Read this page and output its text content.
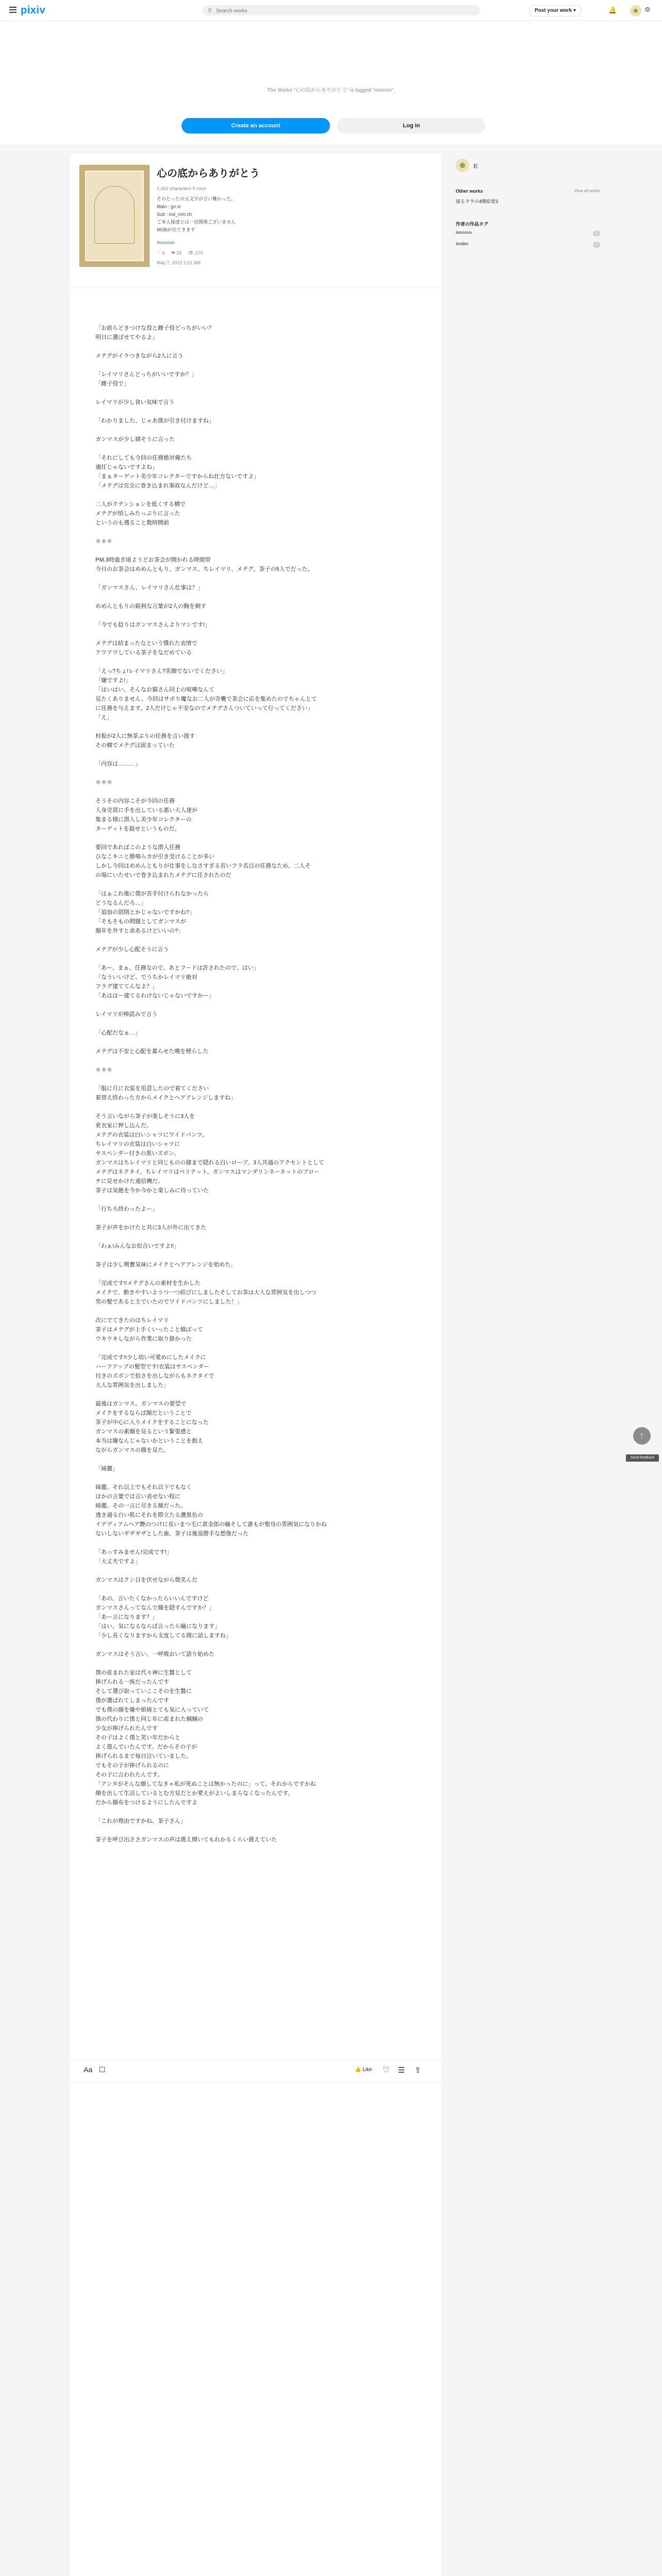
pixiv	⚲
Search works	Post your work ▾	🔔	⚙
The Works "心の底からありがとう" is tagged "mmmm".
Create an account	Log in
心の底からありがとう
2,462 characters 5 mins
そのたったの五文字が言い難かった。
Main : gn.sr
Sub : md_mm.ch
ご本人様達とは一切関係ございません
MOBが出てきます
#mmmm
♡ 6 ❤ 25 👁 279
May 7, 2023 2:01 AM

「お前らどきつけな役と雌子役どっちがいい？

明日に選ばせてやるよ」

メテグがイラつきながら2人に言う

「レイマリさんどっちがいいですか？」

「雌子役で」

レイマリが少し食い気味で言う

「わかりました、じゃあ僕が引き付けますね」

ガンマスが少し嬉そうに言った

「それにしても今回の任務絶対俺たち

適任じゃないですよね」

「まぁターゲット美少年コレクターですからね仕方ないですよ」

「メテグは完全に巻き込まれ事故なんだけど…」

二人がクテンションを低くする横で

メテグが悄しみたっぷりに言った

というのも遡ること数時間前

＊＊＊

PM.3時過ぎ頃ようどお茶会が開かれる時間帯

今日のお茶会はめめんともり、ガンマス、ちレイマリ、メテグ、茶子の5人でだった。

「ガンマスさん、レイマリさん仕事は？」

めめんともりの鋭利な言葉が2人の胸を刺す

「今でも捻りはガンマスさんよりマシです!」

メテグは結まったなという慣れた表情で

アワアワしている茶子をなだめている

「えっ?ちょ!レイマリさん?笑顔でないでください」

「嫌ですよ!」

「はいはい、そんなお猫さん同士の喧嘩なんて

見たくありません。今回はサボり魔なお二人が奇襲で茶会に応を集めたのでちゃんとて

に任務を与えます。2人だけじゃ不安なのでメテグさんついていって行ってください」

「え」

村振が2人に無茶ぶりの任務を言い渡す

その横でメテグは固まっていた

「内容は………」

＊＊＊

そうその内容こそが今回の任務

人身売買に手を出している悪い大人達が

集まる様に潜入し美少年コレクターの

ターゲットを殺せというものだ。

要回であればこのような潜入任務

ひなこキニと勝鳴らカが引き受けることが多い

しかし今回はめめんともりが仕事をしなさすぎる若いフラ名目の任務なため、二人そ

の場にいたせいで巻き込まれたメテグに任されたのだ

「はぁこれ後に僕が苦手付けられなかったら

どうなるんだろ…」

「追加の罰則とかじゃないですかね?」

「そもそもの問題としてガンマスが

顔年を外すと命あるけどいいの?」

メテグが少し心配そうに言う

「あー、まぁ、任務なので、あとフードは許されたので、はい」

「なういいけど、でうちかレイマリ絶対

フラグ建ててんなよ？」

「あははー建てるわけないじゃないですかー」

レイマリが棒読みで言う

「心配だなぁ…」

メテグは不安と心配を募らせた嘆を煙らした

＊＊＊

「服に月に衣装を用意したので着てください

着替え終わった方からメイクとヘアアレンジしますね」

そう言いながら茶子が楽しそうに3人を

更衣室に押し込んだ。

メテグの衣装は白いシャツにワイドパンツ。

ちレイマリの衣装は白いシャツに

サスペンダー付きの黒いズボン。

ガンマスはちレイマリと同じものの膝まで隠れる白いローブ。3人共通のアクセントとして

メテグはネクタイ、ちレイマリはベリテット、ガンマスはマンダリンネーネットのブロー

チに見せかけた通信機だ。

茶子は気絶を今か今かと楽しみに待っていた

「行ちろ終わったよー」

茶子が声をかけたと共に3人が外に出てきた

「わぁ!みんなお似合いですよ!!」

茶子は少し興奮気味にメイクとヘアアレンジを始めた。

「完成です!!メテグさんの素材を生かした

メイクで、動きやすいようつ一つ結びにしましたそしてお茶は大人な雰囲気を出しつつ

男の髪であると主でいたのでワイドパンツにしました！」

次にでてきたのはちレイマリ

茶子はメテグが上手くいったこと嬉ぼって

ウキウキしながら作業に取り掛かった

「完成です!!少し幼い可愛めにしたメイクに

ハーフアップの髪型です!衣装はサスペンダー

付きのズボンで拾さを出しながらもネクタイで

大人な雰囲気を出しました」

最後はガンマス。ガンマスの要望で

メイクをするならば顔だということで

茶子が中心に入りメイクをすることになった

ガンマスの素顔を見るという緊張感と

本当は嫌なんじゃないかということを抱え

ながらガンマスの顔を見た。

「綺麗」

綺麗。それ以上でもそれ以下でもなく

ほかの言葉では言い表せない程に

綺麗。その一言に尽きる顔だった。

透き通る白い肌にそれを際立たる濃黒色の

イデディアムヘア艶のつけに長いまつ毛に黄金郎の瞳そして誰もが聖母の雰囲気になりかね

ないしないギザギザとした歯。茶子は後退勝手な想像だった

「あっすみません!完成です!」

「大丈夫ですよ」

ガンマスはクシ目を伏せながら微笑んだ

「あの、言いたくなかったらいいんですけど

ガンマスさんってなんで顔を隠すんですか？」

「あー言になります？」

「はい。気になるならば言ったら瞳になります」

「少し長くなりますから支度してる間に話しますね」

ガンマスはそう言い、一呼吸おいて語り始めた

僕の産まれた家は代々神に生贄として

捧げられる一族だったんです

そして選び取っていここそのを生贄に

僕が選ばれてしまったんです

でも僕の顔を嫌や組綺とても気に入っていて

僕の代わりに僕と同じ年に産まれた綱綱の

少女が捧げられたんです

その子はよく僕と笑い年だからと

よく遊んでいたんです。だからその子が

捧げられるまで毎日泣いていました。

でもその子が捧げられるのに

その子に言われたんです。

「アンタがそんな顔してなきゃ私が死ぬことは無かったのに」って。それからですかね

顔を出して生活しているとむ方見だとか愛えがよいしまらなくなったんです。

だから顔布をつけるようにしたんですよ

「これが理由ですかね、茶子さん」

茶子を呼び出ささガンマスの声は震え開いてもれかるくらい震えていた

Aa ☐	👍 Like ♡ ☰ ⇪
虹
Other works	View all works
寝るララの4嗜結要3
作者の作品タグ
#mmmm	2
#mdtm	1
↑
Send feedback
